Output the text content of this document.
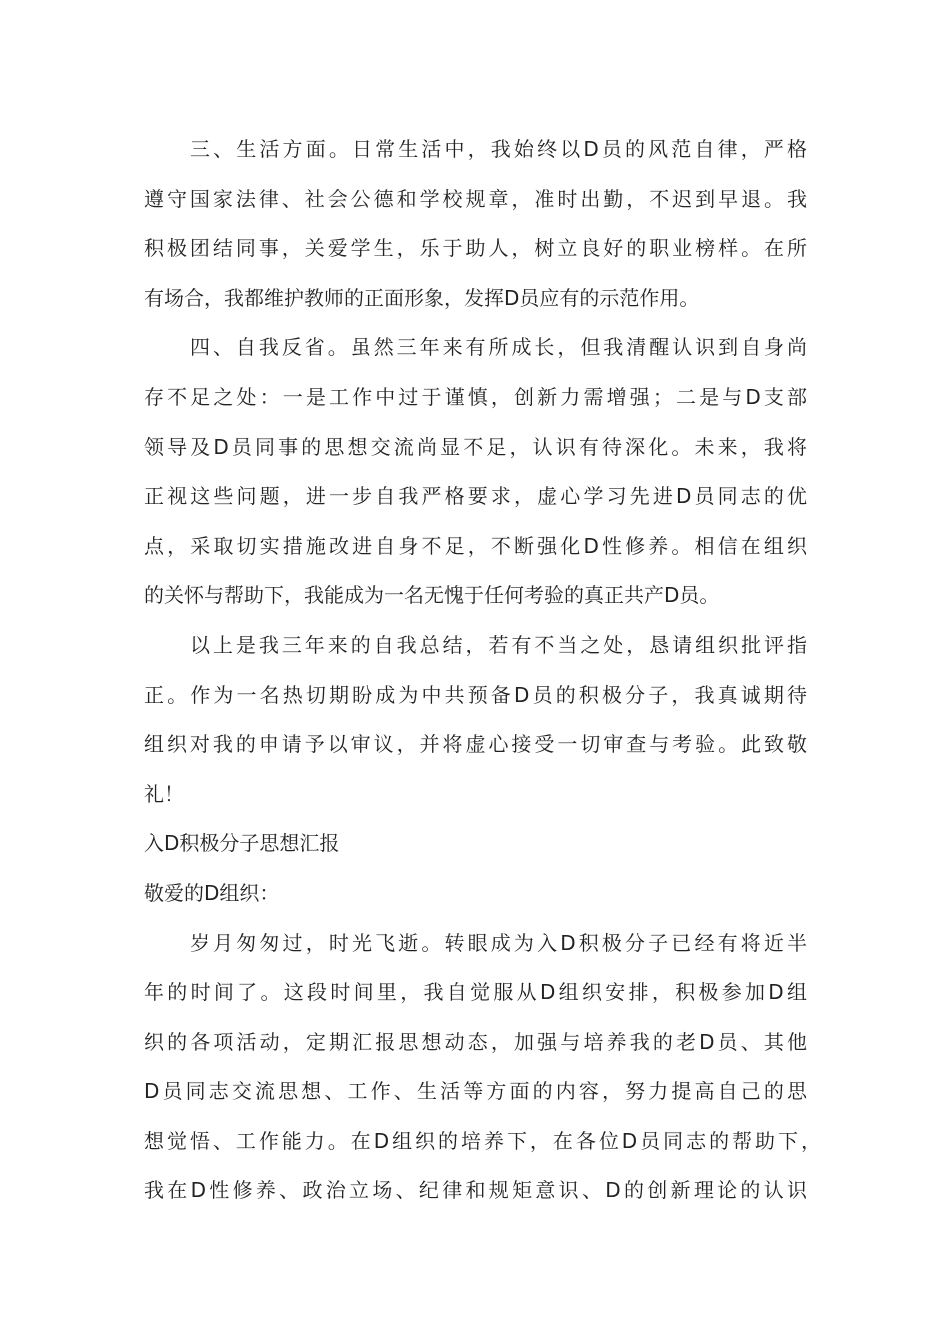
三、生活方面。日常生活中，我始终以D员的风范自律，严格
遵守国家法律、社会公德和学校规章，准时出勤，不迟到早退。我
积极团结同事，关爱学生，乐于助人，树立良好的职业榜样。在所
有场合，我都维护教师的正面形象，发挥D员应有的示范作用。
四、自我反省。虽然三年来有所成长，但我清醒认识到自身尚
存不足之处：一是工作中过于谨慎，创新力需增强；二是与D支部
领导及D员同事的思想交流尚显不足，认识有待深化。未来，我将
正视这些问题，进一步自我严格要求，虚心学习先进D员同志的优
点，采取切实措施改进自身不足，不断强化D性修养。相信在组织
的关怀与帮助下，我能成为一名无愧于任何考验的真正共产D员。
以上是我三年来的自我总结，若有不当之处，恳请组织批评指
正。作为一名热切期盼成为中共预备D员的积极分子，我真诚期待
组织对我的申请予以审议，并将虚心接受一切审查与考验。此致敬
礼！
入D积极分子思想汇报
敬爱的D组织：
岁月匆匆过，时光飞逝。转眼成为入D积极分子已经有将近半
年的时间了。这段时间里，我自觉服从D组织安排，积极参加D组
织的各项活动，定期汇报思想动态，加强与培养我的老D员、其他
D员同志交流思想、工作、生活等方面的内容，努力提高自己的思
想觉悟、工作能力。在D组织的培养下，在各位D员同志的帮助下，
我在D性修养、政治立场、纪律和规矩意识、D的创新理论的认识
